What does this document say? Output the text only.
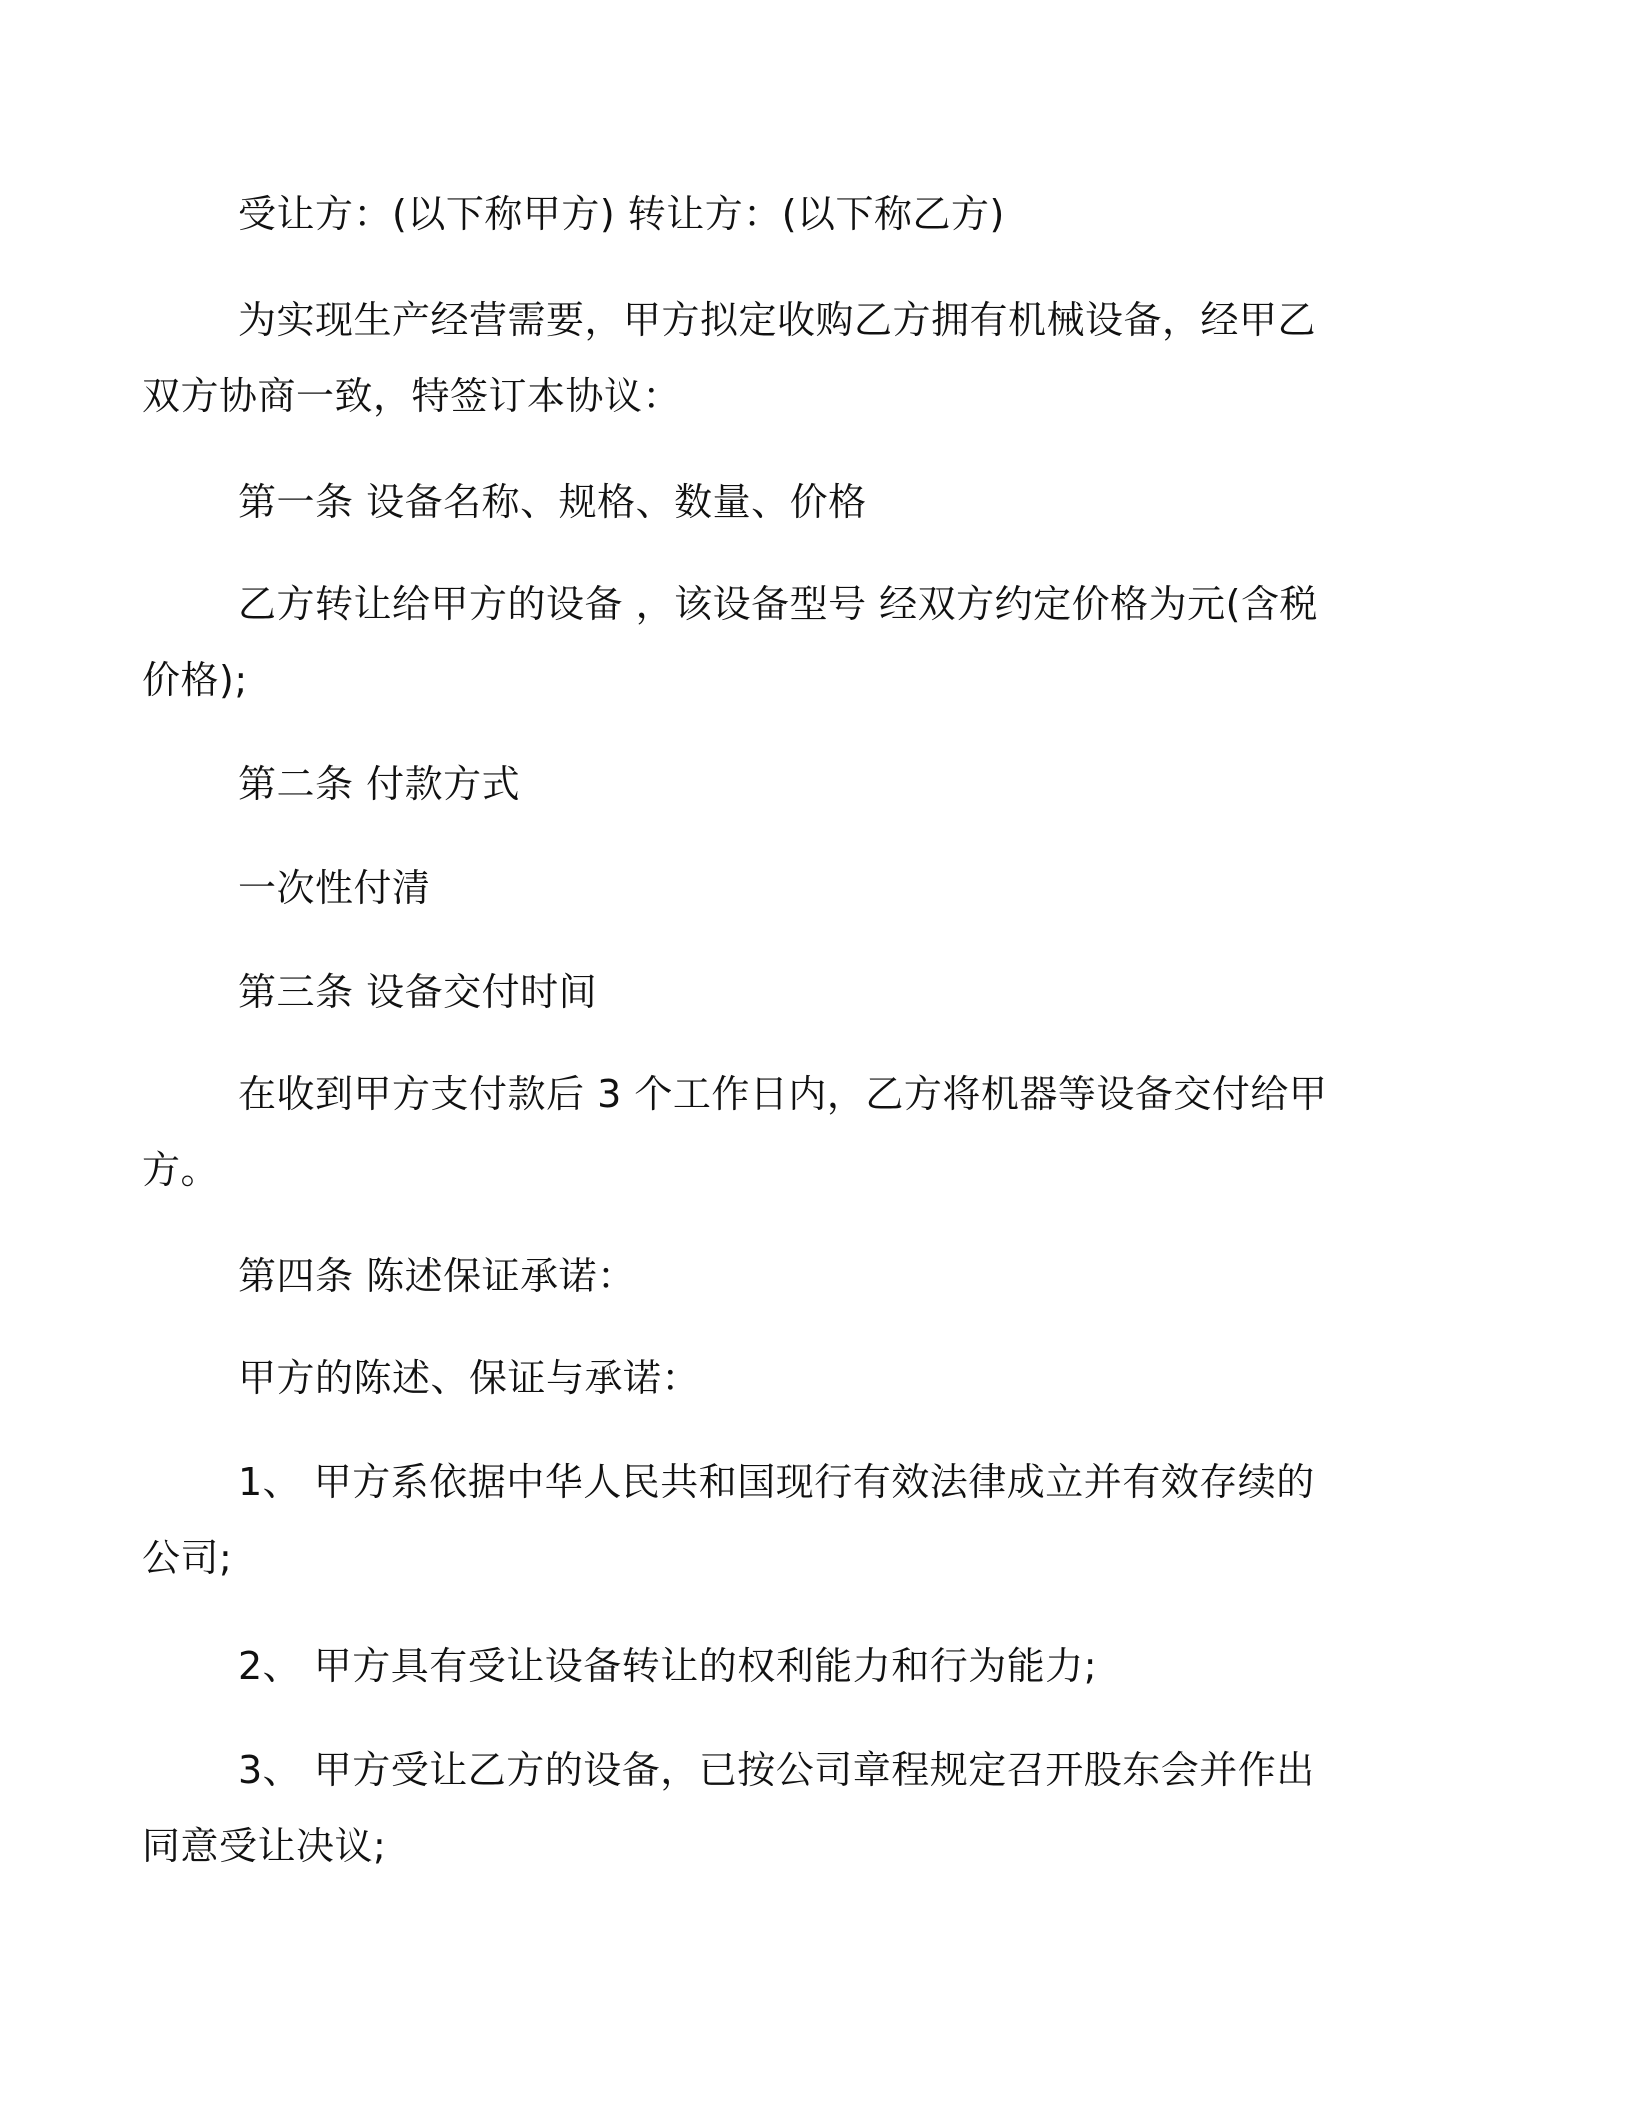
受让方：(以下称甲方) 转让方：(以下称乙方)
为实现生产经营需要，甲方拟定收购乙方拥有机械设备，经甲乙
双方协商一致，特签订本协议：
第一条 设备名称、规格、数量、价格
乙方转让给甲方的设备 ，该设备型号 经双方约定价格为元(含税
价格);
第二条 付款方式
一次性付清
第三条 设备交付时间
在收到甲方支付款后 3 个工作日内，乙方将机器等设备交付给甲
方。
第四条 陈述保证承诺：
甲方的陈述、保证与承诺：
1、 甲方系依据中华人民共和国现行有效法律成立并有效存续的
公司;
2、 甲方具有受让设备转让的权利能力和行为能力;
3、 甲方受让乙方的设备，已按公司章程规定召开股东会并作出
同意受让决议;
